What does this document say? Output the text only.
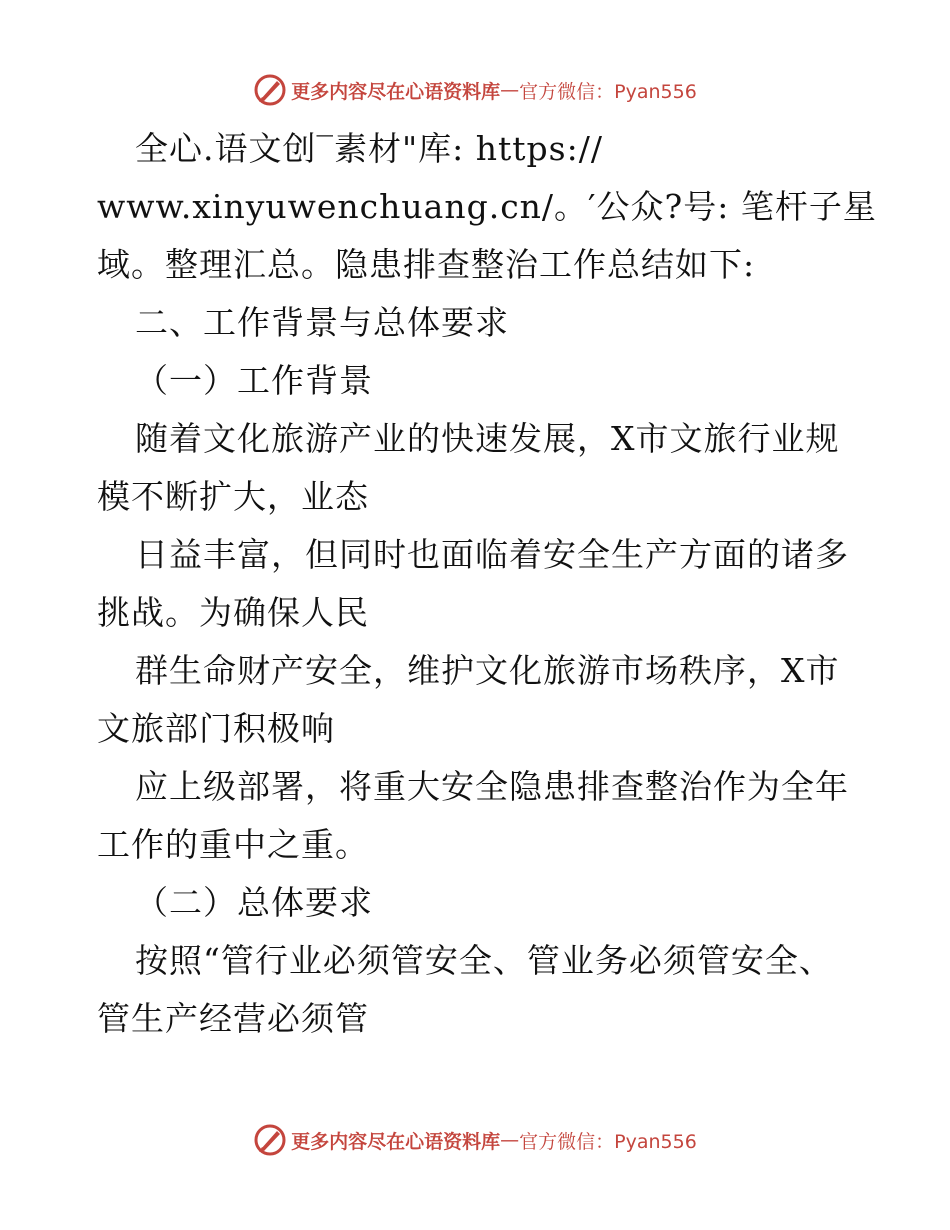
更多内容尽在心语资料库 — 官方微信：Pyan556
全心.语文创‾素材"库: https://
www.xinyuwenchuang.cn/。′公众?号: 笔杆子星
域。整理汇总。隐患排查整治工作总结如下:
二、工作背景与总体要求
（一）工作背景
随着文化旅游产业的快速发展，X市文旅行业规
模不断扩大，业态
日益丰富，但同时也面临着安全生产方面的诸多
挑战。为确保人民
群生命财产安全，维护文化旅游市场秩序，X市
文旅部门积极响
应上级部署，将重大安全隐患排查整治作为全年
工作的重中之重。
（二）总体要求
按照“管行业必须管安全、管业务必须管安全、
管生产经营必须管
更多内容尽在心语资料库 — 官方微信：Pyan556
